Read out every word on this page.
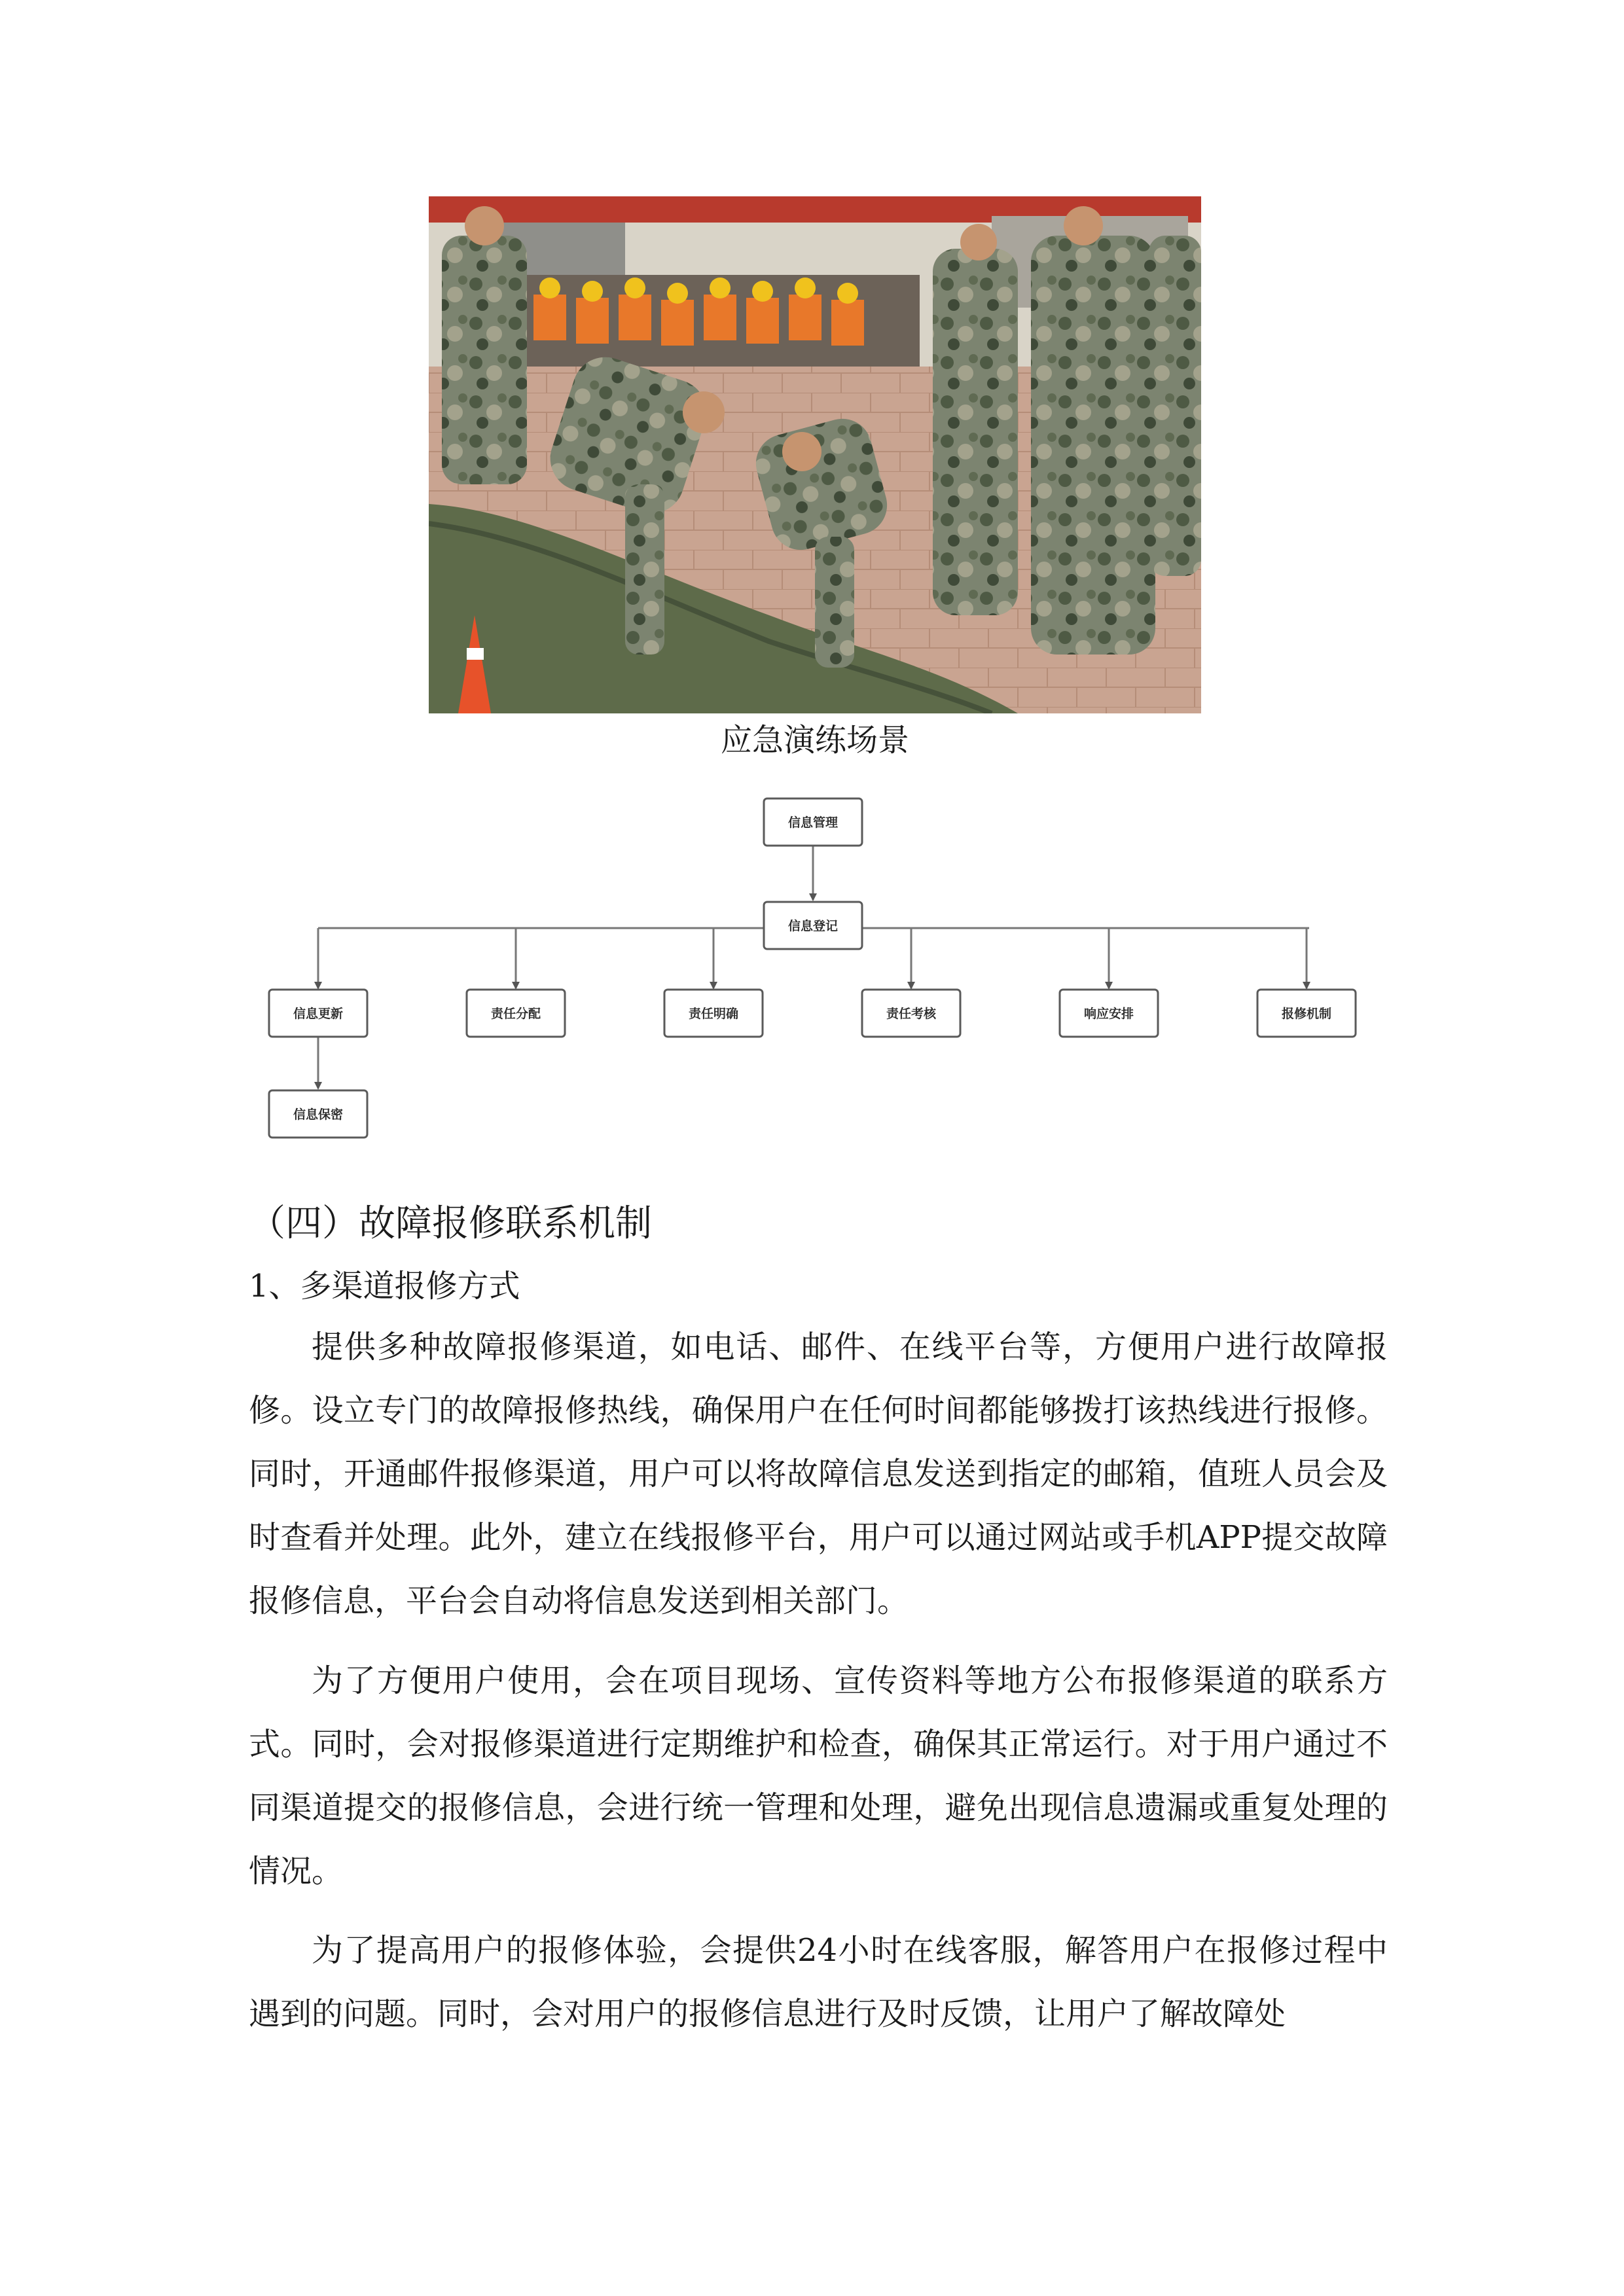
应急演练场景
信息管理
信息登记
信息更新	责任分配	责任明确	责任考核	响应安排	报修机制
信息保密
（四）故障报修联系机制
1、多渠道报修方式

提供多种故障报修渠道，如电话、邮件、在线平台等，方便用户进行故障报修。设立专门的故障报修热线，确保用户在任何时间都能够拨打该热线进行报修。同时，开通邮件报修渠道，用户可以将故障信息发送到指定的邮箱，值班人员会及时查看并处理。此外，建立在线报修平台，用户可以通过网站或手机APP提交故障报修信息，平台会自动将信息发送到相关部门。

为了方便用户使用，会在项目现场、宣传资料等地方公布报修渠道的联系方式。同时，会对报修渠道进行定期维护和检查，确保其正常运行。对于用户通过不同渠道提交的报修信息，会进行统一管理和处理，避免出现信息遗漏或重复处理的情况。

为了提高用户的报修体验，会提供24小时在线客服，解答用户在报修过程中遇到的问题。同时，会对用户的报修信息进行及时反馈，让用户了解故障处
